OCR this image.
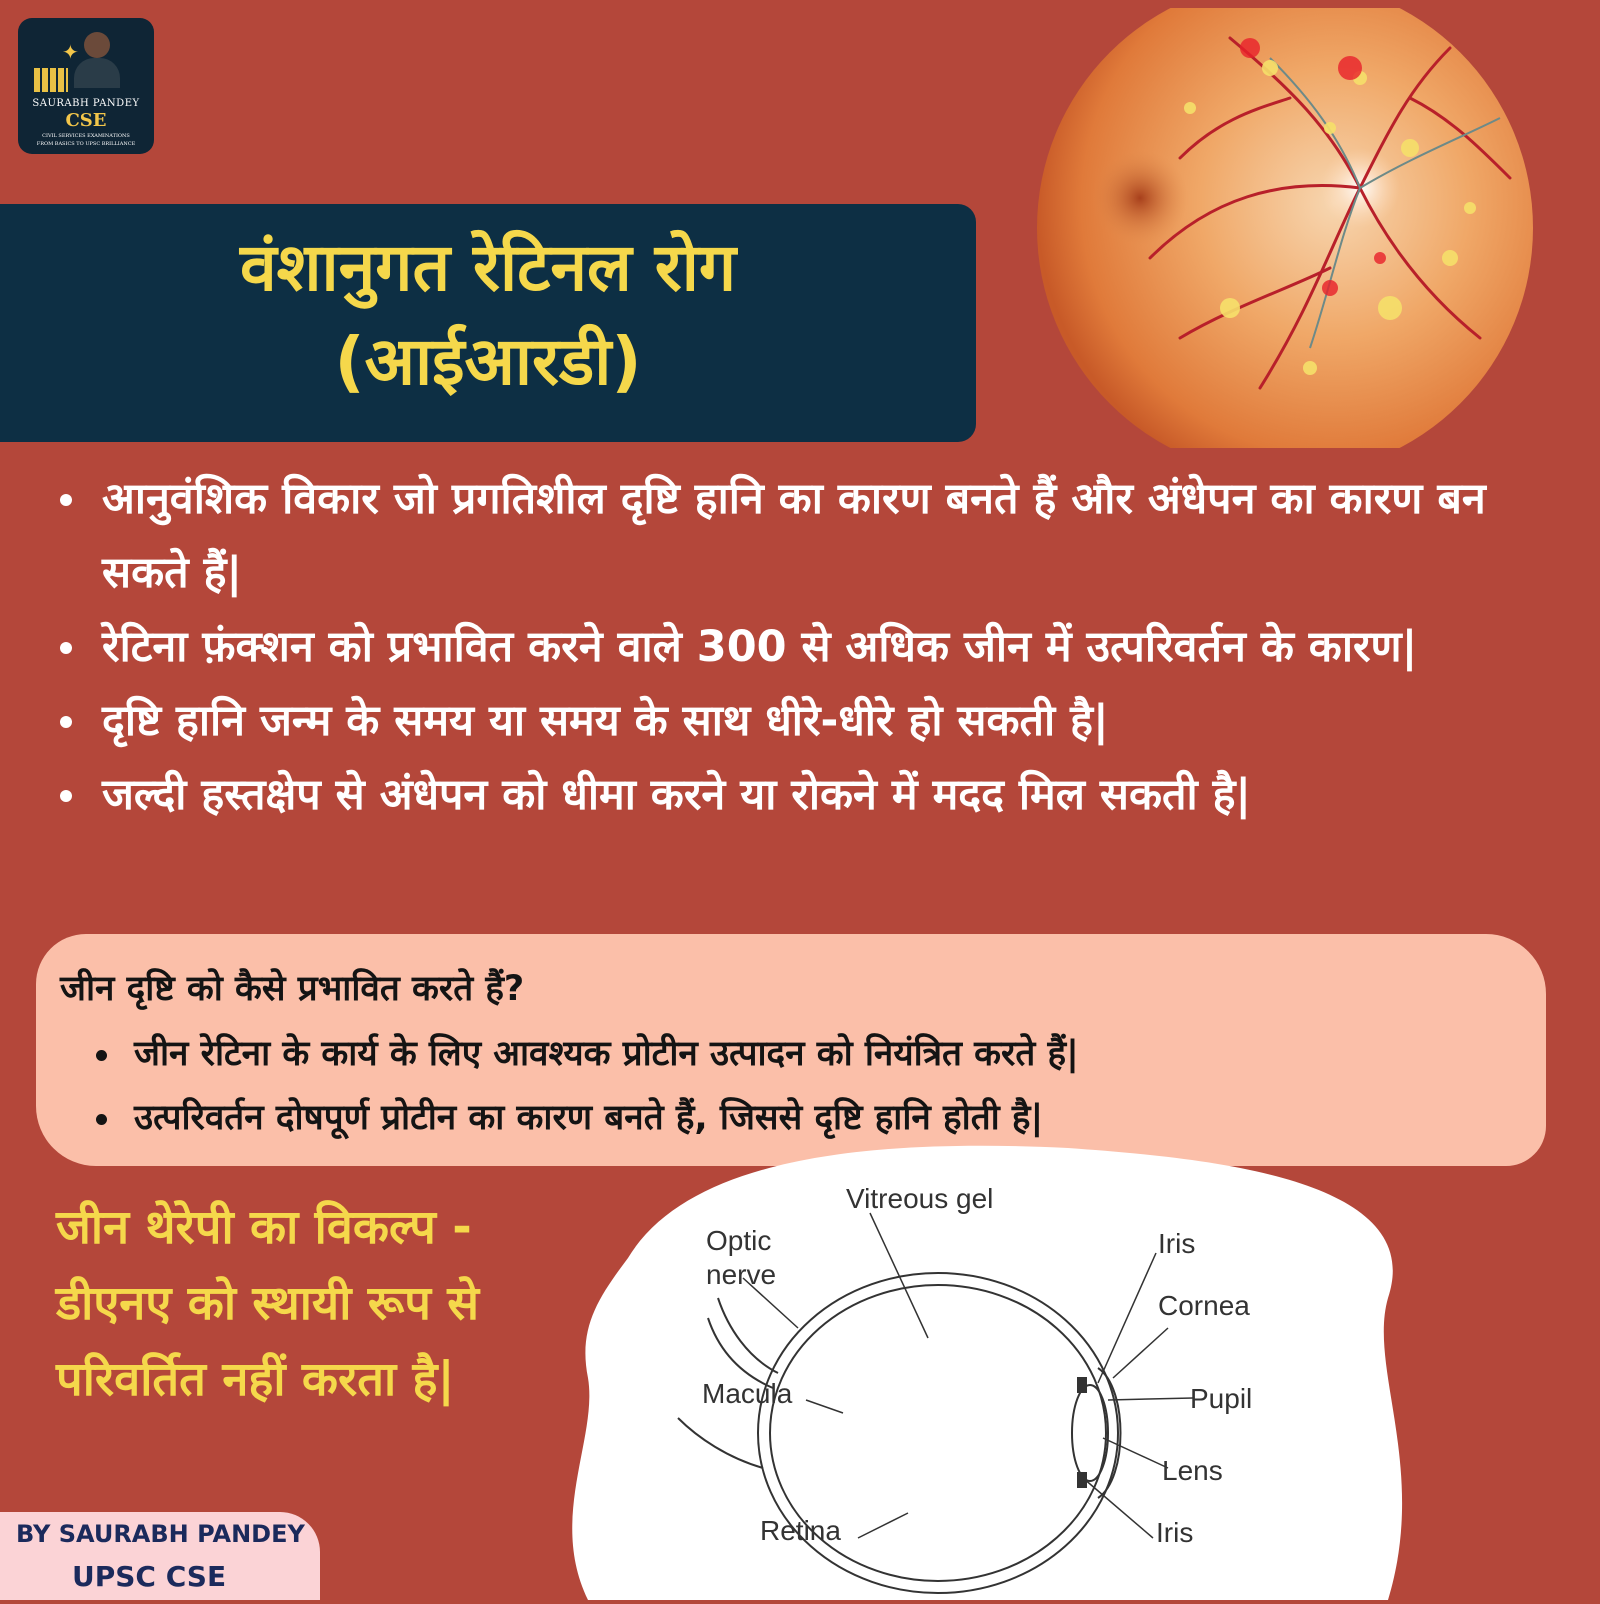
✦
SAURABH PANDEY
CSE
CIVIL SERVICES EXAMINATIONS
FROM BASICS TO UPSC BRILLIANCE
वंशानुगत रेटिनल रोग
(आईआरडी)
आनुवंशिक विकार जो प्रगतिशील दृष्टि हानि का कारण बनते हैं और अंधेपन का कारण बन सकते हैं|
रेटिना फ़ंक्शन को प्रभावित करने वाले 300 से अधिक जीन में उत्परिवर्तन के कारण|
दृष्टि हानि जन्म के समय या समय के साथ धीरे-धीरे हो सकती है|
जल्दी हस्तक्षेप से अंधेपन को धीमा करने या रोकने में मदद मिल सकती है|
जीन दृष्टि को कैसे प्रभावित करते हैं?
जीन रेटिना के कार्य के लिए आवश्यक प्रोटीन उत्पादन को नियंत्रित करते हैं|
उत्परिवर्तन दोषपूर्ण प्रोटीन का कारण बनते हैं, जिससे दृष्टि हानि होती है|
जीन थेरेपी का विकल्प - डीएनए को स्थायी रूप से परिवर्तित नहीं करता है|
Vitreous gel
Optic
nerve
Macula
Retina
Iris
Cornea
Pupil
Lens
Iris
BY SAURABH PANDEY
UPSC CSE
